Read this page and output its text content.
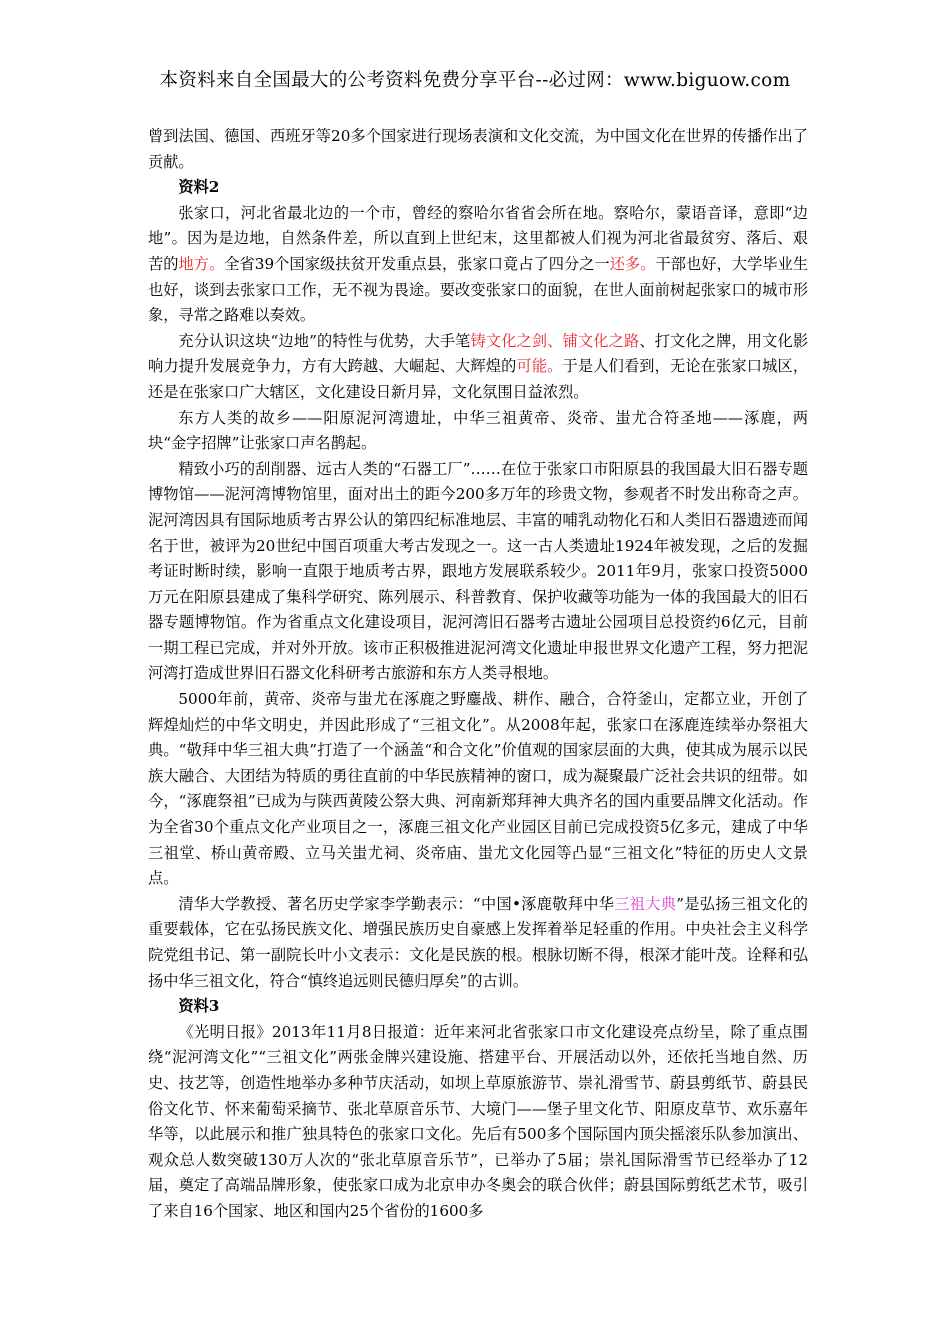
本资料来自全国最大的公考资料免费分享平台--必过网：www.biguow.com

曾到法国、德国、西班牙等20多个国家进行现场表演和文化交流，为中国文化在世界的传播作出了贡献。

资料2

张家口，河北省最北边的一个市，曾经的察哈尔省省会所在地。察哈尔，蒙语音译，意即“边地”。因为是边地，自然条件差，所以直到上世纪末，这里都被人们视为河北省最贫穷、落后、艰苦的地方。全省39个国家级扶贫开发重点县，张家口竟占了四分之一还多。干部也好，大学毕业生也好，谈到去张家口工作，无不视为畏途。要改变张家口的面貌，在世人面前树起张家口的城市形象，寻常之路难以奏效。

充分认识这块“边地”的特性与优势，大手笔铸文化之剑、铺文化之路、打文化之牌，用文化影响力提升发展竞争力，方有大跨越、大崛起、大辉煌的可能。于是人们看到，无论在张家口城区，还是在张家口广大辖区，文化建设日新月异，文化氛围日益浓烈。

东方人类的故乡——阳原泥河湾遗址，中华三祖黄帝、炎帝、蚩尤合符圣地——涿鹿，两块“金字招牌”让张家口声名鹊起。

精致小巧的刮削器、远古人类的“石器工厂”……在位于张家口市阳原县的我国最大旧石器专题博物馆——泥河湾博物馆里，面对出土的距今200多万年的珍贵文物，参观者不时发出称奇之声。泥河湾因具有国际地质考古界公认的第四纪标准地层、丰富的哺乳动物化石和人类旧石器遗迹而闻名于世，被评为20世纪中国百项重大考古发现之一。这一古人类遗址1924年被发现，之后的发掘考证时断时续，影响一直限于地质考古界，跟地方发展联系较少。2011年9月，张家口投资5000万元在阳原县建成了集科学研究、陈列展示、科普教育、保护收藏等功能为一体的我国最大的旧石器专题博物馆。作为省重点文化建设项目，泥河湾旧石器考古遗址公园项目总投资约6亿元，目前一期工程已完成，并对外开放。该市正积极推进泥河湾文化遗址申报世界文化遗产工程，努力把泥河湾打造成世界旧石器文化科研考古旅游和东方人类寻根地。

5000年前，黄帝、炎帝与蚩尤在涿鹿之野鏖战、耕作、融合，合符釜山，定都立业，开创了辉煌灿烂的中华文明史，并因此形成了“三祖文化”。从2008年起，张家口在涿鹿连续举办祭祖大典。“敬拜中华三祖大典”打造了一个涵盖“和合文化”价值观的国家层面的大典，使其成为展示以民族大融合、大团结为特质的勇往直前的中华民族精神的窗口，成为凝聚最广泛社会共识的纽带。如今，“涿鹿祭祖”已成为与陕西黄陵公祭大典、河南新郑拜神大典齐名的国内重要品牌文化活动。作为全省30个重点文化产业项目之一，涿鹿三祖文化产业园区目前已完成投资5亿多元，建成了中华三祖堂、桥山黄帝殿、立马关蚩尤祠、炎帝庙、蚩尤文化园等凸显“三祖文化”特征的历史人文景点。

清华大学教授、著名历史学家李学勤表示：“中国•涿鹿敬拜中华三祖大典”是弘扬三祖文化的重要载体，它在弘扬民族文化、增强民族历史自豪感上发挥着举足轻重的作用。中央社会主义科学院党组书记、第一副院长叶小文表示：文化是民族的根。根脉切断不得，根深才能叶茂。诠释和弘扬中华三祖文化，符合“慎终追远则民德归厚矣”的古训。

资料3

《光明日报》2013年11月8日报道：近年来河北省张家口市文化建设亮点纷呈，除了重点围绕“泥河湾文化”“三祖文化”两张金牌兴建设施、搭建平台、开展活动以外，还依托当地自然、历史、技艺等，创造性地举办多种节庆活动，如坝上草原旅游节、崇礼滑雪节、蔚县剪纸节、蔚县民俗文化节、怀来葡萄采摘节、张北草原音乐节、大境门——堡子里文化节、阳原皮草节、欢乐嘉年华等，以此展示和推广独具特色的张家口文化。先后有500多个国际国内顶尖摇滚乐队参加演出、观众总人数突破130万人次的“张北草原音乐节”，已举办了5届；崇礼国际滑雪节已经举办了12届，奠定了高端品牌形象，使张家口成为北京申办冬奥会的联合伙伴；蔚县国际剪纸艺术节，吸引了来自16个国家、地区和国内25个省份的1600多
